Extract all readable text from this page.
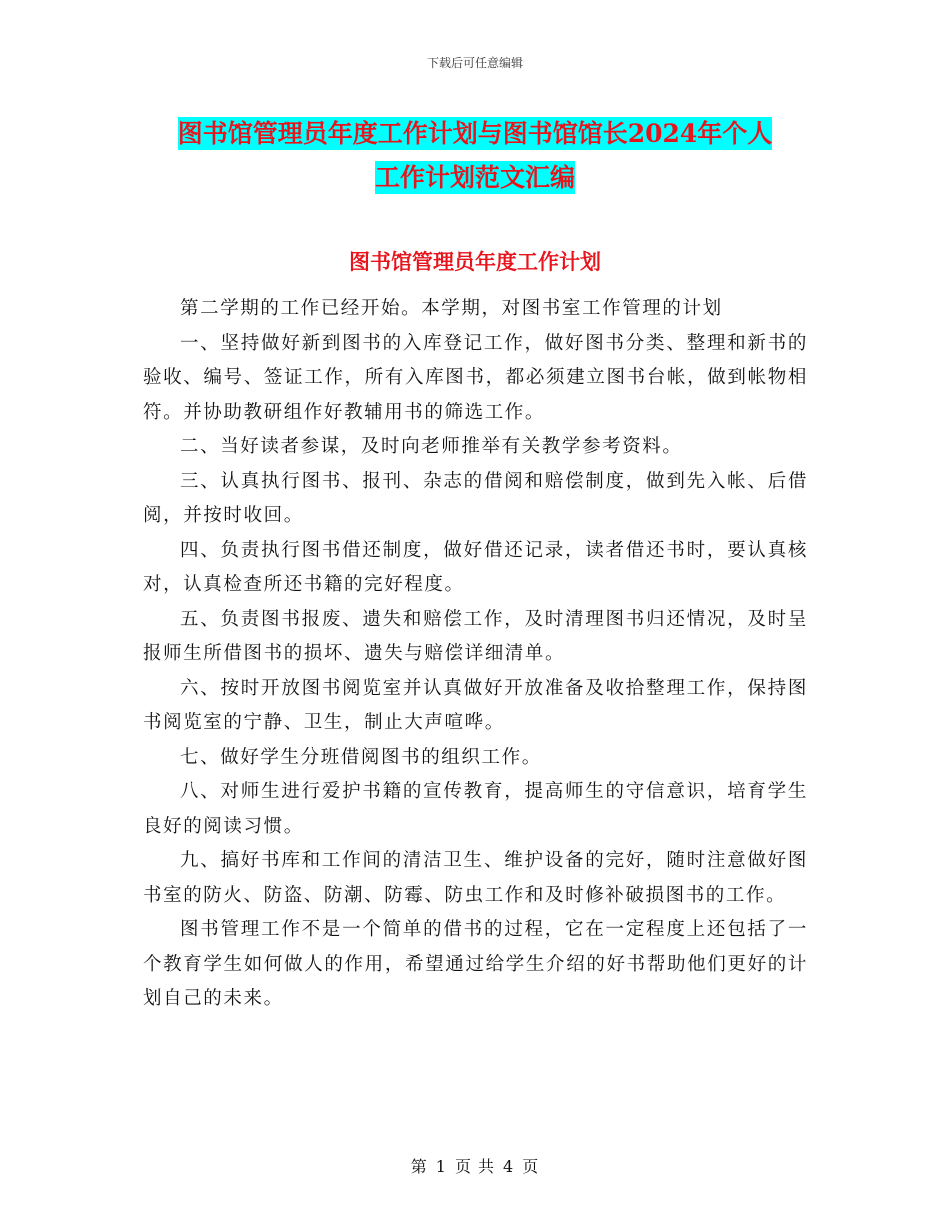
下载后可任意编辑
图书馆管理员年度工作计划与图书馆馆长2024年个人
工作计划范文汇编
图书馆管理员年度工作计划

第二学期的工作已经开始。本学期，对图书室工作管理的计划

一、坚持做好新到图书的入库登记工作，做好图书分类、整理和新书的验收、编号、签证工作，所有入库图书，都必须建立图书台帐，做到帐物相符。并协助教研组作好教辅用书的筛选工作。

二、当好读者参谋，及时向老师推举有关教学参考资料。

三、认真执行图书、报刊、杂志的借阅和赔偿制度，做到先入帐、后借阅，并按时收回。

四、负责执行图书借还制度，做好借还记录，读者借还书时，要认真核对，认真检查所还书籍的完好程度。

五、负责图书报废、遗失和赔偿工作，及时清理图书归还情况，及时呈报师生所借图书的损坏、遗失与赔偿详细清单。

六、按时开放图书阅览室并认真做好开放准备及收拾整理工作，保持图书阅览室的宁静、卫生，制止大声喧哗。

七、做好学生分班借阅图书的组织工作。

八、对师生进行爱护书籍的宣传教育，提高师生的守信意识，培育学生良好的阅读习惯。

九、搞好书库和工作间的清洁卫生、维护设备的完好，随时注意做好图书室的防火、防盗、防潮、防霉、防虫工作和及时修补破损图书的工作。

图书管理工作不是一个简单的借书的过程，它在一定程度上还包括了一个教育学生如何做人的作用，希望通过给学生介绍的好书帮助他们更好的计划自己的未来。

第 1 页 共 4 页
